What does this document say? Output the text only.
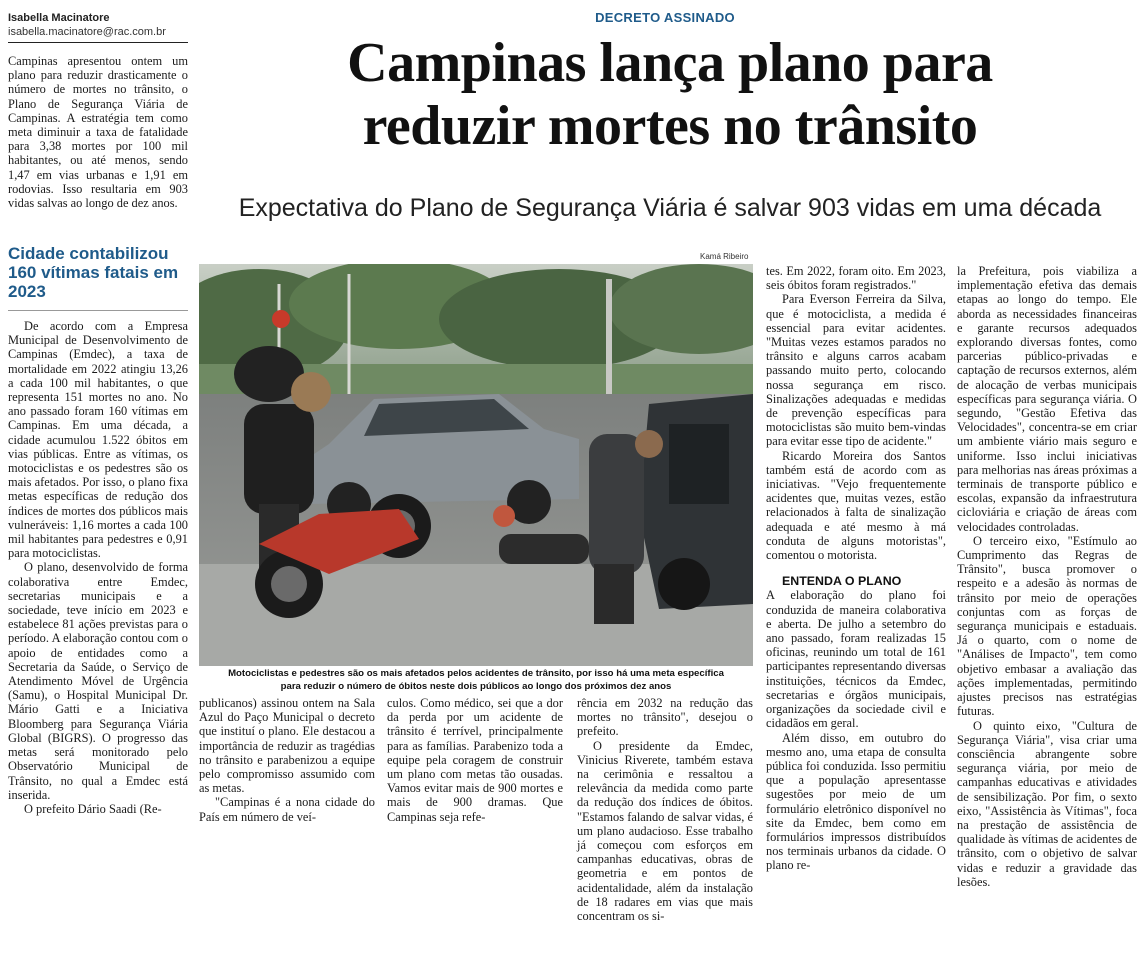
Isabella Macinatore
isabella.macinatore@rac.com.br
DECRETO ASSINADO
Campinas lança plano para
reduzir mortes no trânsito
Expectativa do Plano de Segurança Viária é salvar 903 vidas em uma década

Campinas apresentou ontem um plano para reduzir drasticamente o número de mortes no trânsito, o Plano de Segurança Viária de Campinas. A estratégia tem como meta diminuir a taxa de fatalidade para 3,38 mortes por 100 mil habitantes, ou até menos, sendo 1,47 em vias urbanas e 1,91 em rodovias. Isso resultaria em 903 vidas salvas ao longo de dez anos.

Cidade contabilizou 160 vítimas fatais em 2023

De acordo com a Empresa Municipal de Desenvolvimento de Campinas (Emdec), a taxa de mortalidade em 2022 atingiu 13,26 a cada 100 mil habitantes, o que representa 151 mortes no ano. No ano passado foram 160 vítimas em Campinas. Em uma década, a cidade acumulou 1.522 óbitos em vias públicas. Entre as vítimas, os motociclistas e os pedestres são os mais afetados. Por isso, o plano fixa metas específicas de redução dos índices de mortes dos públicos mais vulneráveis: 1,16 mortes a cada 100 mil habitantes para pedestres e 0,91 para motociclistas.

O plano, desenvolvido de forma colaborativa entre Emdec, secretarias municipais e a sociedade, teve início em 2023 e estabelece 81 ações previstas para o período. A elaboração contou com o apoio de entidades como a Secretaria da Saúde, o Serviço de Atendimento Móvel de Urgência (Samu), o Hospital Municipal Dr. Mário Gatti e a Iniciativa Bloomberg para Segurança Viária Global (BIGRS). O progresso das metas será monitorado pelo Observatório Municipal de Trânsito, no qual a Emdec está inserida.

O prefeito Dário Saadi (Re-

Kamá Ribeiro
Motociclistas e pedestres são os mais afetados pelos acidentes de trânsito, por isso há uma meta específica
para reduzir o número de óbitos neste dois públicos ao longo dos próximos dez anos

publicanos) assinou ontem na Sala Azul do Paço Municipal o decreto que instituí o plano. Ele destacou a importância de reduzir as tragédias no trânsito e parabenizou a equipe pelo compromisso assumido com as metas.

"Campinas é a nona cidade do País em número de veí-

culos. Como médico, sei que a dor da perda por um acidente de trânsito é terrível, principalmente para as famílias. Parabenizo toda a equipe pela coragem de construir um plano com metas tão ousadas. Vamos evitar mais de 900 mortes e mais de 900 dramas. Que Campinas seja refe-

rência em 2032 na redução das mortes no trânsito", desejou o prefeito.

O presidente da Emdec, Vinicius Riverete, também estava na cerimônia e ressaltou a relevância da medida como parte da redução dos índices de óbitos. "Estamos falando de salvar vidas, é um plano audacioso. Esse trabalho já começou com esforços em campanhas educativas, obras de geometria e em pontos de acidentalidade, além da instalação de 18 radares em vias que mais concentram os si-

tes. Em 2022, foram oito. Em 2023, seis óbitos foram registrados."

Para Everson Ferreira da Silva, que é motociclista, a medida é essencial para evitar acidentes. "Muitas vezes estamos parados no trânsito e alguns carros acabam passando muito perto, colocando nossa segurança em risco. Sinalizações adequadas e medidas de prevenção específicas para motociclistas são muito bem-vindas para evitar esse tipo de acidente."

Ricardo Moreira dos Santos também está de acordo com as iniciativas. "Vejo frequentemente acidentes que, muitas vezes, estão relacionados à falta de sinalização adequada e até mesmo à má conduta de alguns motoristas", comentou o motorista.

ENTENDA O PLANO

A elaboração do plano foi conduzida de maneira colaborativa e aberta. De julho a setembro do ano passado, foram realizadas 15 oficinas, reunindo um total de 161 participantes representando diversas instituições, técnicos da Emdec, secretarias e órgãos municipais, organizações da sociedade civil e cidadãos em geral.

Além disso, em outubro do mesmo ano, uma etapa de consulta pública foi conduzida. Isso permitiu que a população apresentasse sugestões por meio de um formulário eletrônico disponível no site da Emdec, bem como em formulários impressos distribuídos nos terminais urbanos da cidade. O plano re-

la Prefeitura, pois viabiliza a implementação efetiva das demais etapas ao longo do tempo. Ele aborda as necessidades financeiras e garante recursos adequados explorando diversas fontes, como parcerias público-privadas e captação de recursos externos, além de alocação de verbas municipais específicas para segurança viária. O segundo, "Gestão Efetiva das Velocidades", concentra-se em criar um ambiente viário mais seguro e uniforme. Isso inclui iniciativas para melhorias nas áreas próximas a terminais de transporte público e escolas, expansão da infraestrutura cicloviária e criação de áreas com velocidades controladas.

O terceiro eixo, "Estímulo ao Cumprimento das Regras de Trânsito", busca promover o respeito e a adesão às normas de trânsito por meio de operações conjuntas com as forças de segurança municipais e estaduais. Já o quarto, com o nome de "Análises de Impacto", tem como objetivo embasar a avaliação das ações implementadas, permitindo ajustes precisos nas estratégias futuras.

O quinto eixo, "Cultura de Segurança Viária", visa criar uma consciência abrangente sobre segurança viária, por meio de campanhas educativas e atividades de sensibilização. Por fim, o sexto eixo, "Assistência às Vítimas", foca na prestação de assistência de qualidade às vítimas de acidentes de trânsito, com o objetivo de salvar vidas e reduzir a gravidade das lesões.
